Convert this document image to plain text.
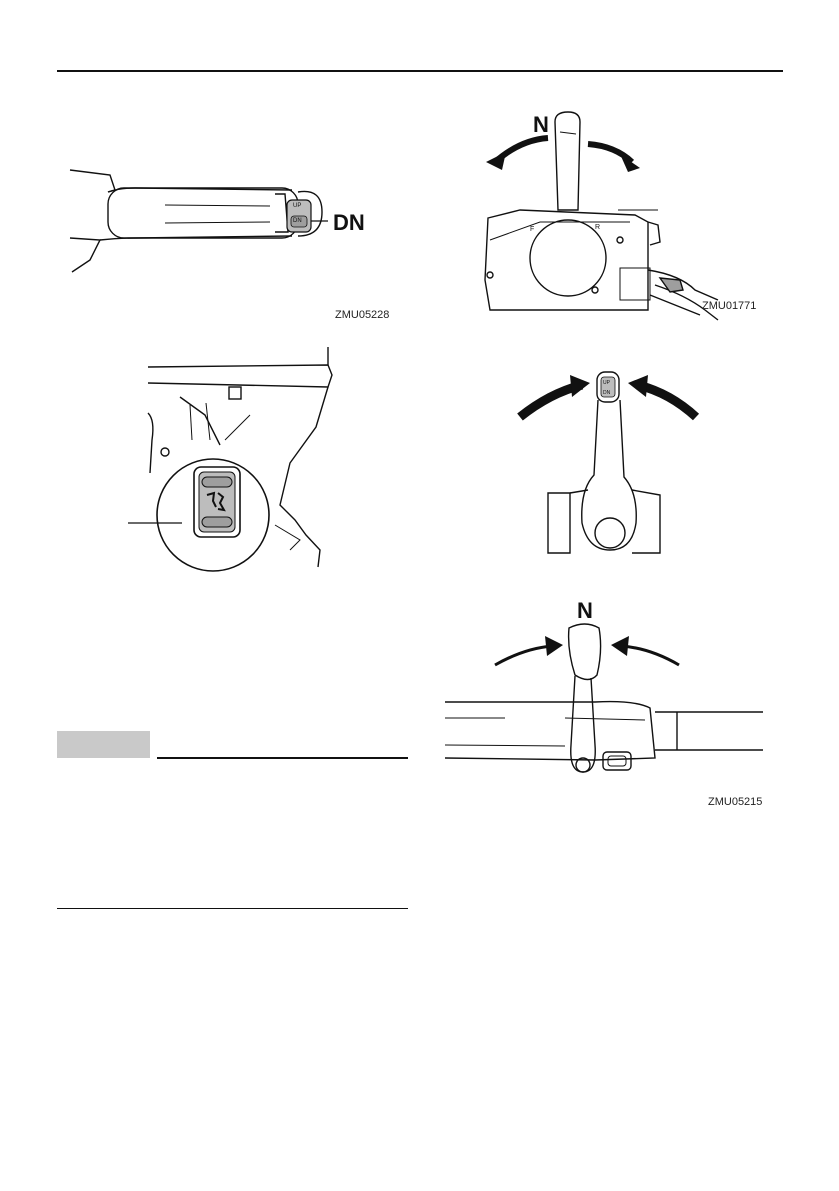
UP
DN DN
ZMU05228
F	R
N
ZMU01771
UP
DN
N
ZMU05215
